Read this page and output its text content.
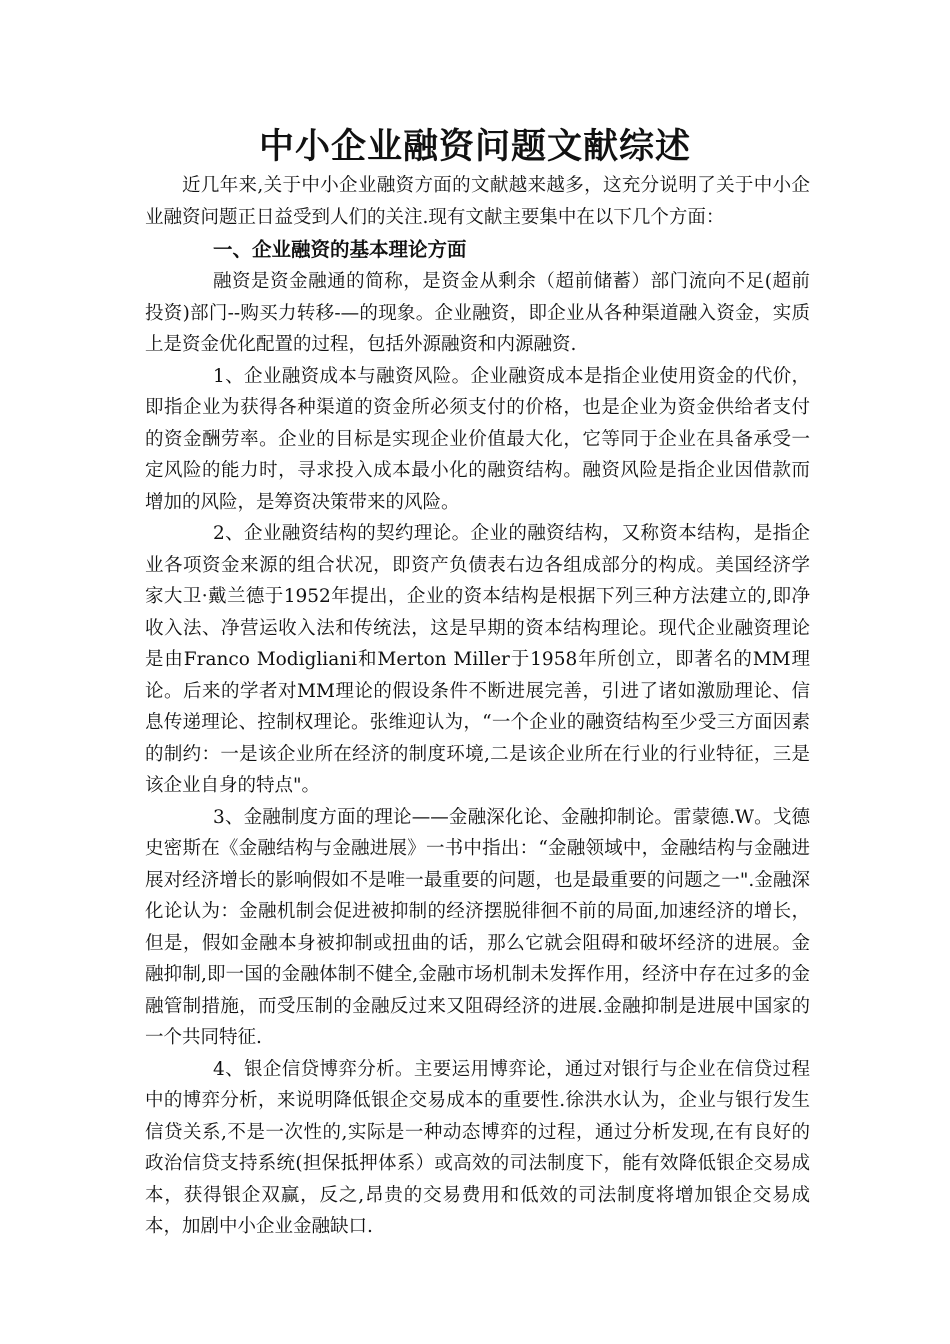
中小企业融资问题文献综述

近几年来,关于中小企业融资方面的文献越来越多，这充分说明了关于中小企业融资问题正日益受到人们的关注.现有文献主要集中在以下几个方面：

一、企业融资的基本理论方面

融资是资金融通的简称，是资金从剩余（超前储蓄）部门流向不足(超前投资)部门--购买力转移-—的现象。企业融资，即企业从各种渠道融入资金，实质上是资金优化配置的过程，包括外源融资和内源融资.

1、企业融资成本与融资风险。企业融资成本是指企业使用资金的代价，即指企业为获得各种渠道的资金所必须支付的价格，也是企业为资金供给者支付的资金酬劳率。企业的目标是实现企业价值最大化，它等同于企业在具备承受一定风险的能力时，寻求投入成本最小化的融资结构。融资风险是指企业因借款而增加的风险，是筹资决策带来的风险。

2、企业融资结构的契约理论。企业的融资结构，又称资本结构，是指企业各项资金来源的组合状况，即资产负债表右边各组成部分的构成。美国经济学家大卫·戴兰德于1952年提出，企业的资本结构是根据下列三种方法建立的,即净收入法、净营运收入法和传统法，这是早期的资本结构理论。现代企业融资理论是由Franco Modigliani和Merton Miller于1958年所创立，即著名的MM理论。后来的学者对MM理论的假设条件不断进展完善，引进了诸如激励理论、信息传递理论、控制权理论。张维迎认为，“一个企业的融资结构至少受三方面因素的制约：一是该企业所在经济的制度环境,二是该企业所在行业的行业特征，三是该企业自身的特点"。

3、金融制度方面的理论——金融深化论、金融抑制论。雷蒙德.W。戈德史密斯在《金融结构与金融进展》一书中指出：“金融领域中，金融结构与金融进展对经济增长的影响假如不是唯一最重要的问题，也是最重要的问题之一".金融深化论认为：金融机制会促进被抑制的经济摆脱徘徊不前的局面,加速经济的增长，但是，假如金融本身被抑制或扭曲的话，那么它就会阻碍和破坏经济的进展。金融抑制,即一国的金融体制不健全,金融市场机制未发挥作用，经济中存在过多的金融管制措施，而受压制的金融反过来又阻碍经济的进展.金融抑制是进展中国家的一个共同特征.

4、银企信贷博弈分析。主要运用博弈论，通过对银行与企业在信贷过程中的博弈分析，来说明降低银企交易成本的重要性.徐洪水认为，企业与银行发生信贷关系,不是一次性的,实际是一种动态博弈的过程，通过分析发现,在有良好的政治信贷支持系统(担保抵押体系）或高效的司法制度下，能有效降低银企交易成本，获得银企双赢，反之,昂贵的交易费用和低效的司法制度将增加银企交易成本，加剧中小企业金融缺口.
